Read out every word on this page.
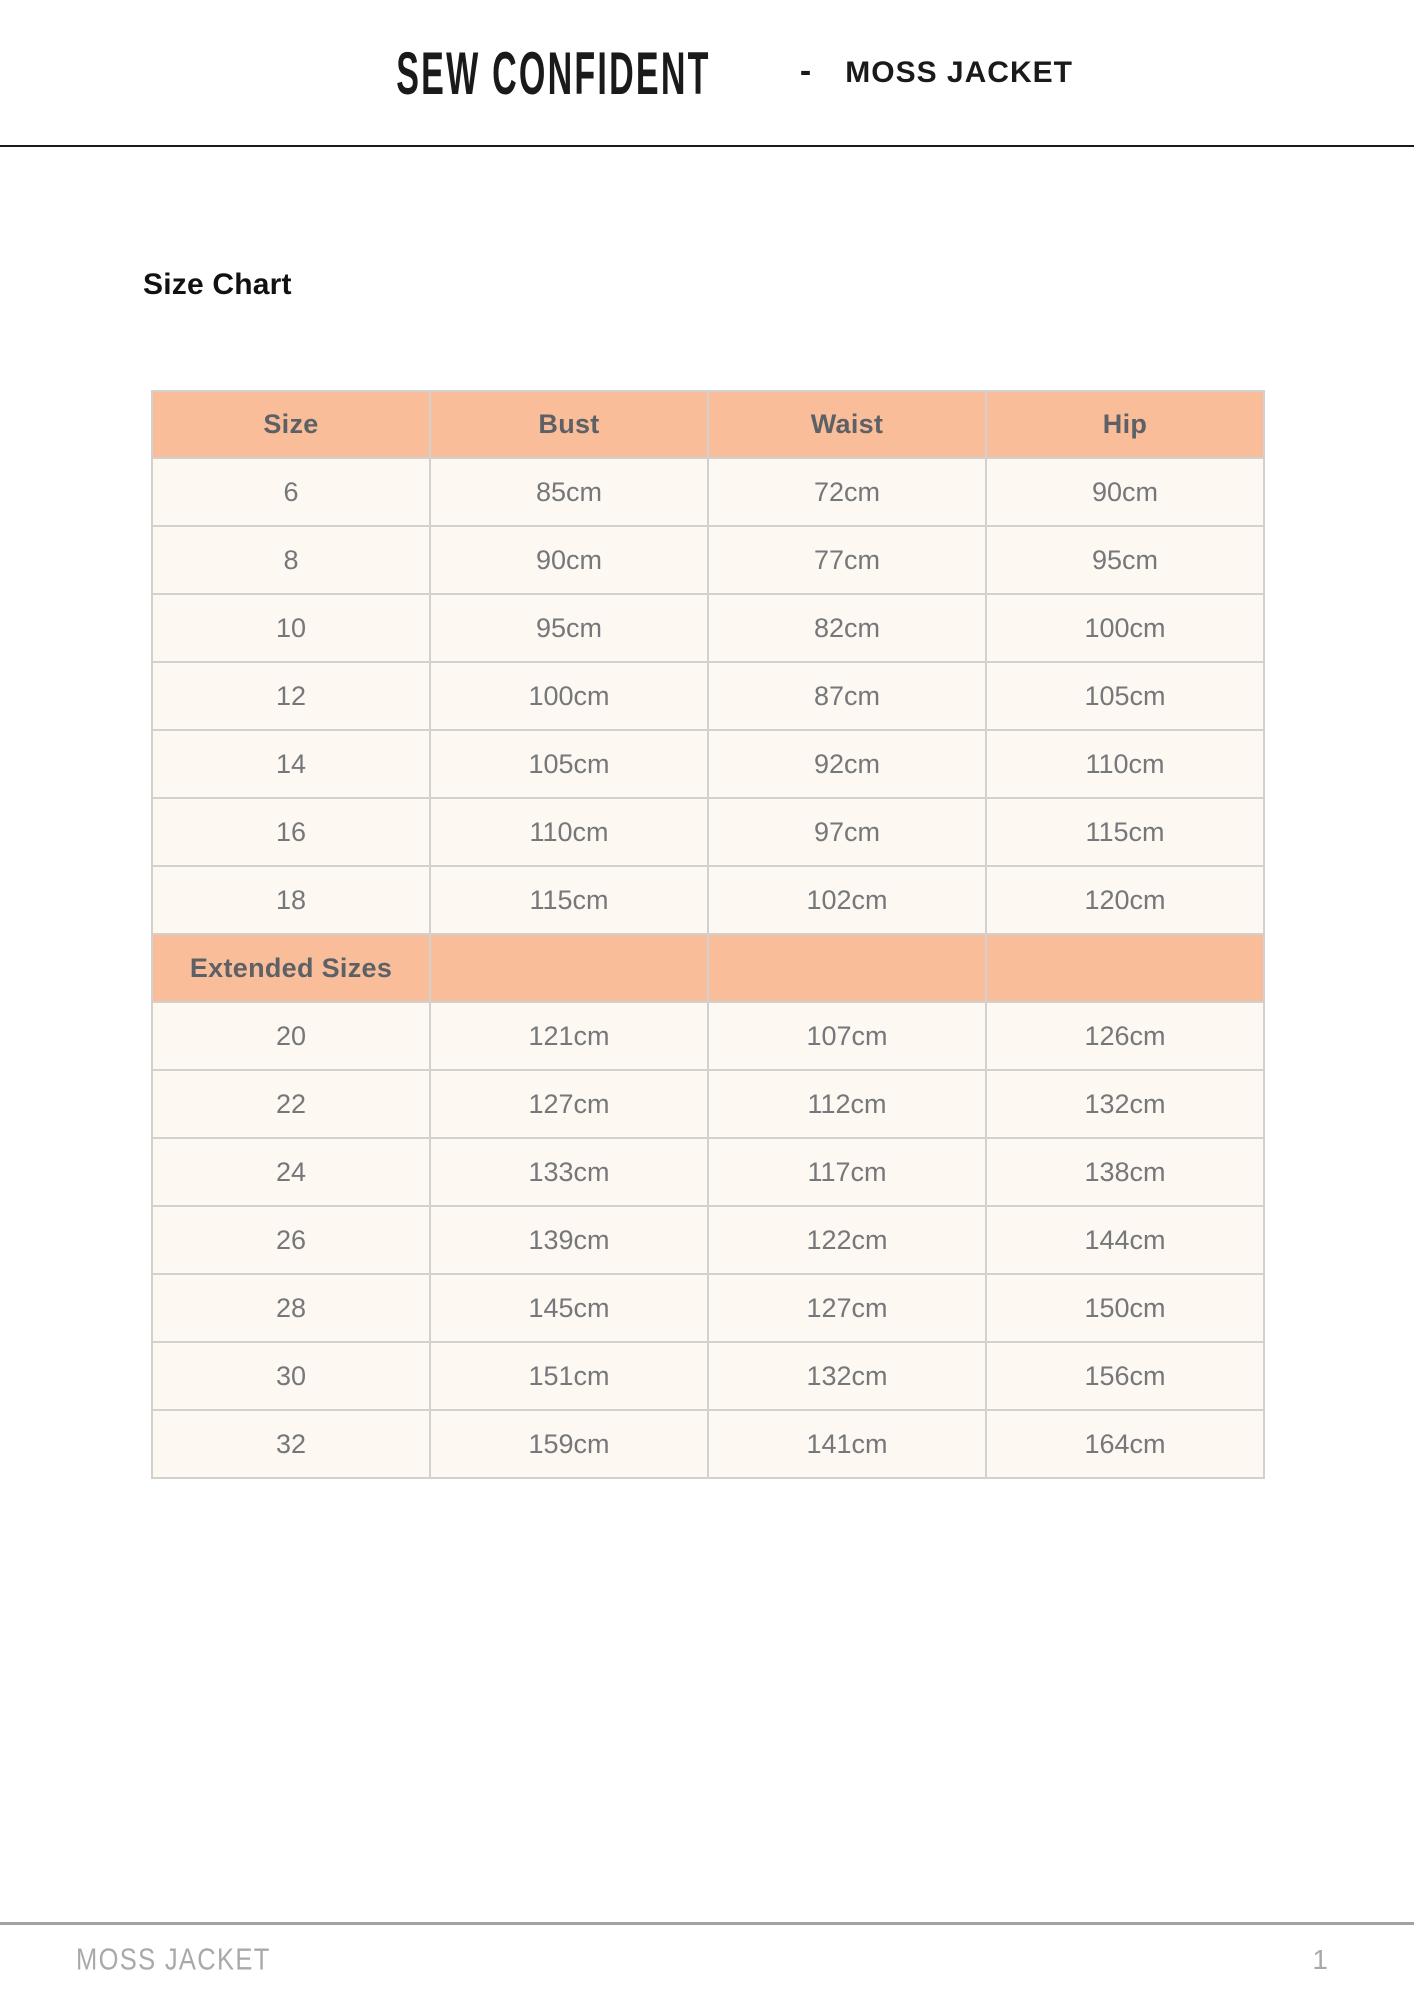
SEW CONFIDENT	- MOSS JACKET
Size Chart
Size	Bust	Waist	Hip
6	85cm	72cm	90cm
8	90cm	77cm	95cm
10	95cm	82cm	100cm
12	100cm	87cm	105cm
14	105cm	92cm	110cm
16	110cm	97cm	115cm
18	115cm	102cm	120cm
Extended Sizes			
20	121cm	107cm	126cm
22	127cm	112cm	132cm
24	133cm	117cm	138cm
26	139cm	122cm	144cm
28	145cm	127cm	150cm
30	151cm	132cm	156cm
32	159cm	141cm	164cm
MOSS JACKET	1
